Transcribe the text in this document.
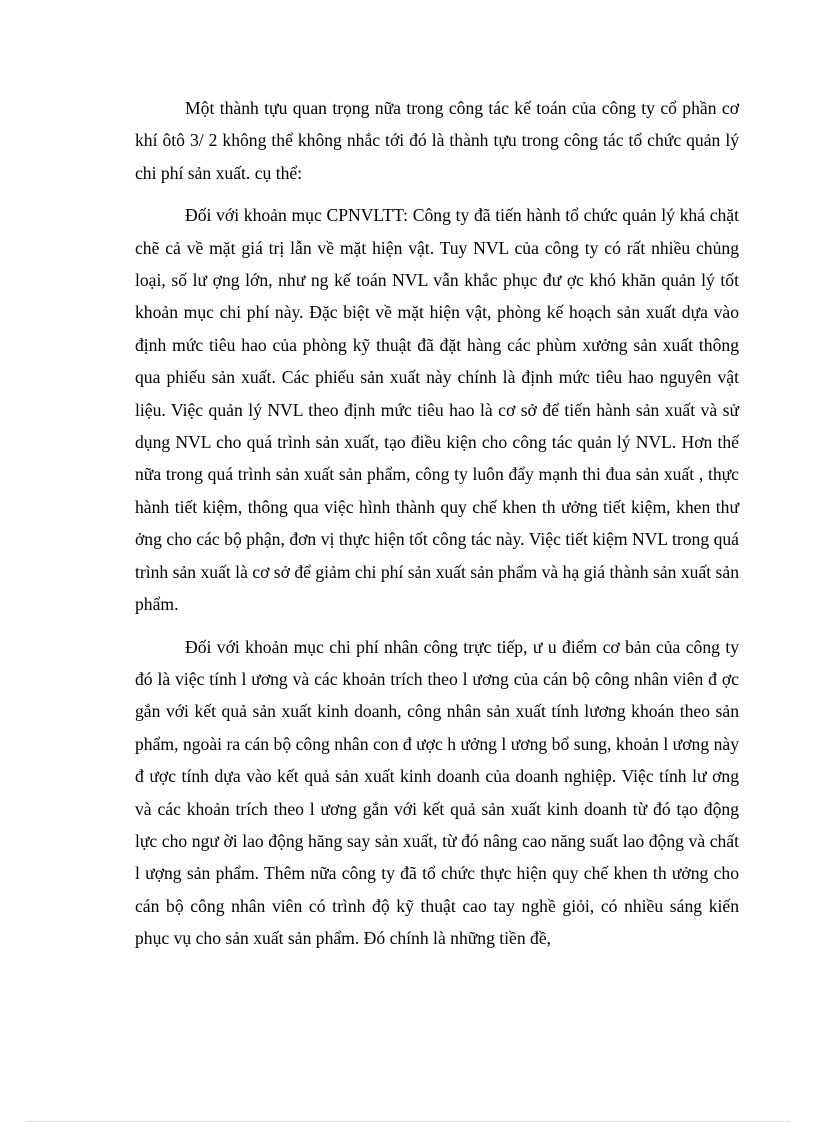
Một thành tựu quan trọng nữa trong công tác kế toán của công ty cổ phần cơ khí ôtô 3/ 2 không thể không nhắc tới đó là thành tựu trong công tác tổ chức quản lý chi phí sản xuất. cụ thể:

Đối với khoản mục CPNVLTT: Công ty đã tiến hành tổ chức quản lý khá chặt chẽ cả về mặt giá trị lẫn về mặt hiện vật. Tuy NVL của công ty có rất nhiều chủng loại, số lư ợng lớn, như ng kế toán NVL vẫn khắc phục đư ợc khó khăn quản lý tốt khoản mục chi phí này. Đặc biệt về mặt hiện vật, phòng kế hoạch sản xuất dựa vào định mức tiêu hao của phòng kỹ thuật đã đặt hàng các phùm xưởng sản xuất thông qua phiếu sản xuất. Các phiếu sản xuất này chính là định mức tiêu hao nguyên vật liệu. Việc quản lý NVL theo định mức tiêu hao là cơ sở để tiến hành sản xuất và sử dụng NVL cho quá trình sản xuất, tạo điều kiện cho công tác quản lý NVL. Hơn thế nữa trong quá trình sản xuất sản phẩm, công ty luôn đẩy mạnh thi đua sản xuất , thực hành tiết kiệm, thông qua việc hình thành quy chế khen th ưởng tiết kiệm, khen thư ởng cho các bộ phận, đơn vị thực hiện tốt công tác này. Việc tiết kiệm NVL trong quá trình sản xuất là cơ sở để giảm chi phí sản xuất sản phẩm và hạ giá thành sản xuất sản phẩm.

Đối với khoản mục chi phí nhân công trực tiếp, ư u điểm cơ bản của công ty đó là việc tính l ương và các khoản trích theo l ương của cán bộ công nhân viên đ ợc gắn với kết quả sản xuất kinh doanh, công nhân sản xuất tính lương khoán theo sản phẩm, ngoài ra cán bộ công nhân con đ ược h ưởng l ương bổ sung, khoản l ương này đ ược tính dựa vào kết quả sản xuất kinh doanh của doanh nghiệp. Việc tính lư ơng và các khoản trích theo l ương gắn với kết quả sản xuất kinh doanh từ đó tạo động lực cho ngư ời lao động hăng say sản xuất, từ đó nâng cao năng suất lao động và chất l ượng sản phẩm. Thêm nữa công ty đã tổ chức thực hiện quy chế khen th ưởng cho cán bộ công nhân viên có trình độ kỹ thuật cao tay nghề giỏi, có nhiều sáng kiến phục vụ cho sản xuất sản phẩm. Đó chính là những tiền đề,
